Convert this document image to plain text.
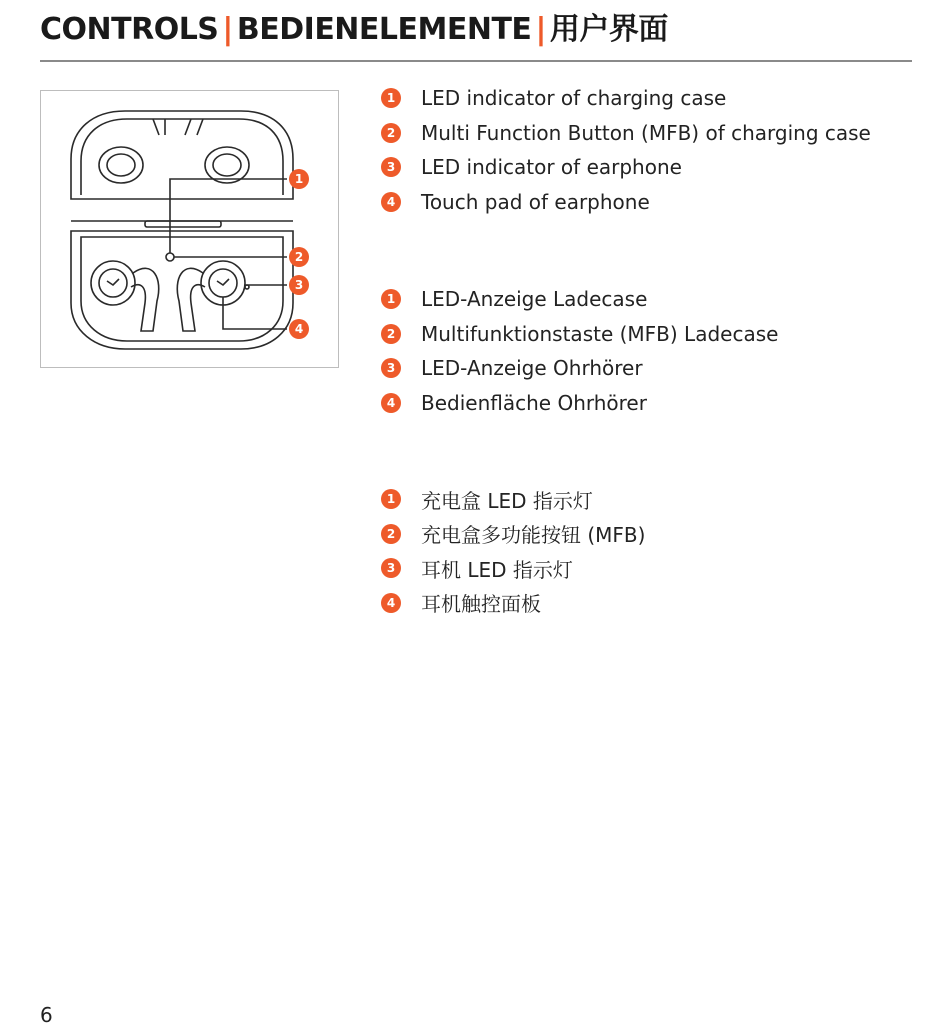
CONTROLS | BEDIENELEMENTE | 用户界面
1
2
3
4
1 LED indicator of charging case
2 Multi Function Button (MFB) of charging case
3 LED indicator of earphone
4 Touch pad of earphone
1 LED-Anzeige Ladecase
2 Multifunktionstaste (MFB) Ladecase
3 LED-Anzeige Ohrhörer
4 Bedienfläche Ohrhörer
1 充电盒 LED 指示灯
2 充电盒多功能按钮 (MFB)
3 耳机 LED 指示灯
4 耳机触控面板
6
